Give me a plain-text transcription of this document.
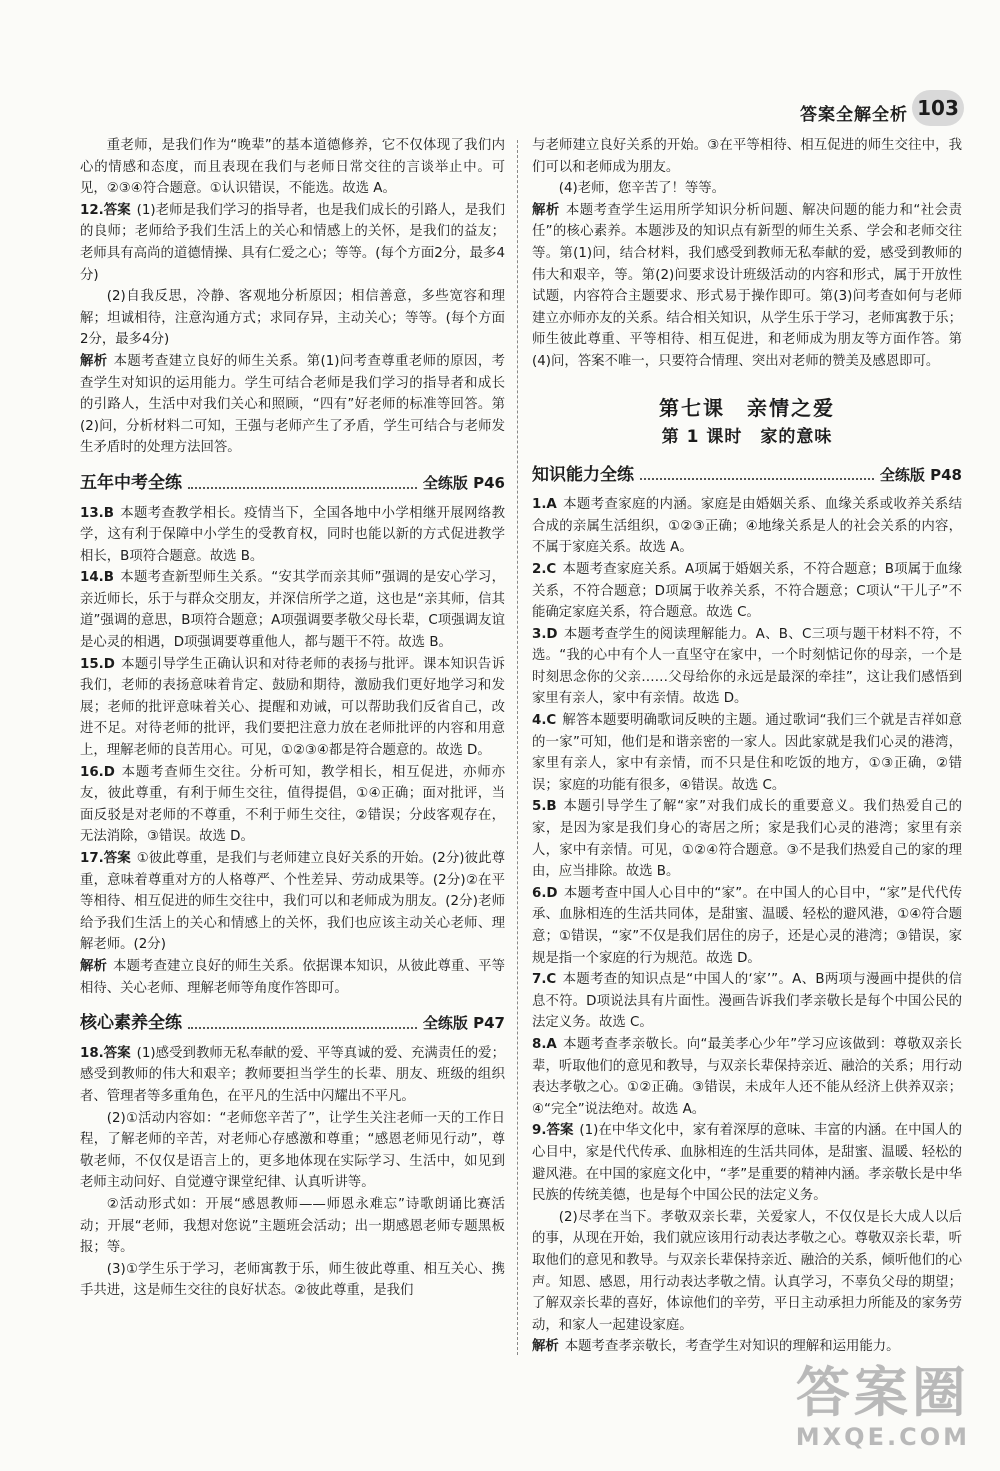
答案全解全析 103

重老师，是我们作为“晚辈”的基本道德修养，它不仅体现了我们内心的情感和态度，而且表现在我们与老师日常交往的言谈举止中。可见，②③④符合题意。①认识错误，不能选。故选 A。

12.答案 (1)老师是我们学习的指导者，也是我们成长的引路人，是我们的良师；老师给予我们生活上的关心和情感上的关怀，是我们的益友；老师具有高尚的道德情操、具有仁爱之心；等等。(每个方面2分，最多4分)

(2)自我反思，冷静、客观地分析原因；相信善意，多些宽容和理解；坦诚相待，注意沟通方式；求同存异，主动关心；等等。(每个方面2分，最多4分)

解析 本题考查建立良好的师生关系。第(1)问考查尊重老师的原因，考查学生对知识的运用能力。学生可结合老师是我们学习的指导者和成长的引路人，生活中对我们关心和照顾，“四有”好老师的标准等回答。第(2)问，分析材料二可知，王强与老师产生了矛盾，学生可结合与老师发生矛盾时的处理方法回答。

五年中考全练	全练版 P46

13.B 本题考查教学相长。疫情当下，全国各地中小学相继开展网络教学，这有利于保障中小学生的受教育权，同时也能以新的方式促进教学相长，B项符合题意。故选 B。

14.B 本题考查新型师生关系。“安其学而亲其师”强调的是安心学习，亲近师长，乐于与群众交朋友，并深信所学之道，这也是“亲其师，信其道”强调的意思，B项符合题意；A项强调要孝敬父母长辈，C项强调友谊是心灵的相遇，D项强调要尊重他人，都与题干不符。故选 B。

15.D 本题引导学生正确认识和对待老师的表扬与批评。课本知识告诉我们，老师的表扬意味着肯定、鼓励和期待，激励我们更好地学习和发展；老师的批评意味着关心、提醒和劝诫，可以帮助我们反省自己，改进不足。对待老师的批评，我们要把注意力放在老师批评的内容和用意上，理解老师的良苦用心。可见，①②③④都是符合题意的。故选 D。

16.D 本题考查师生交往。分析可知，教学相长，相互促进，亦师亦友，彼此尊重，有利于师生交往，值得提倡，①④正确；面对批评，当面反驳是对老师的不尊重，不利于师生交往，②错误；分歧客观存在，无法消除，③错误。故选 D。

17.答案 ①彼此尊重，是我们与老师建立良好关系的开始。(2分)彼此尊重，意味着尊重对方的人格尊严、个性差异、劳动成果等。(2分)②在平等相待、相互促进的师生交往中，我们可以和老师成为朋友。(2分)老师给予我们生活上的关心和情感上的关怀，我们也应该主动关心老师、理解老师。(2分)

解析 本题考查建立良好的师生关系。依据课本知识，从彼此尊重、平等相待、关心老师、理解老师等角度作答即可。

核心素养全练	全练版 P47

18.答案 (1)感受到教师无私奉献的爱、平等真诚的爱、充满责任的爱；感受到教师的伟大和艰辛；教师要担当学生的长辈、朋友、班级的组织者、管理者等多重角色，在平凡的生活中闪耀出不平凡。

(2)①活动内容如：“老师您辛苦了”，让学生关注老师一天的工作日程，了解老师的辛苦，对老师心存感激和尊重；“感恩老师见行动”，尊敬老师，不仅仅是语言上的，更多地体现在实际学习、生活中，如见到老师主动问好、自觉遵守课堂纪律、认真听讲等。

②活动形式如：开展“感恩教师——师恩永难忘”诗歌朗诵比赛活动；开展“老师，我想对您说”主题班会活动；出一期感恩老师专题黑板报；等。

(3)①学生乐于学习，老师寓教于乐，师生彼此尊重、相互关心、携手共进，这是师生交往的良好状态。②彼此尊重，是我们

与老师建立良好关系的开始。③在平等相待、相互促进的师生交往中，我们可以和老师成为朋友。

(4)老师，您辛苦了！等等。

解析 本题考查学生运用所学知识分析问题、解决问题的能力和“社会责任”的核心素养。本题涉及的知识点有新型的师生关系、学会和老师交往等。第(1)问，结合材料，我们感受到教师无私奉献的爱，感受到教师的伟大和艰辛，等。第(2)问要求设计班级活动的内容和形式，属于开放性试题，内容符合主题要求、形式易于操作即可。第(3)问考查如何与老师建立亦师亦友的关系。结合相关知识，从学生乐于学习，老师寓教于乐；师生彼此尊重、平等相待、相互促进，和老师成为朋友等方面作答。第(4)问，答案不唯一，只要符合情理、突出对老师的赞美及感恩即可。

第七课　亲情之爱
第 1 课时　家的意味
知识能力全练	全练版 P48

1.A 本题考查家庭的内涵。家庭是由婚姻关系、血缘关系或收养关系结合成的亲属生活组织，①②③正确；④地缘关系是人的社会关系的内容，不属于家庭关系。故选 A。

2.C 本题考查家庭关系。A项属于婚姻关系，不符合题意；B项属于血缘关系，不符合题意；D项属于收养关系，不符合题意；C项认“干儿子”不能确定家庭关系，符合题意。故选 C。

3.D 本题考查学生的阅读理解能力。A、B、C三项与题干材料不符，不选。“我的心中有个人一直坚守在家中，一个时刻惦记你的母亲，一个是时刻思念你的父亲……父母给你的永远是最深的牵挂”，这让我们感悟到家里有亲人，家中有亲情。故选 D。

4.C 解答本题要明确歌词反映的主题。通过歌词“我们三个就是吉祥如意的一家”可知，他们是和谐亲密的一家人。因此家就是我们心灵的港湾，家里有亲人，家中有亲情，而不只是住和吃饭的地方，①③正确，②错误；家庭的功能有很多，④错误。故选 C。

5.B 本题引导学生了解“家”对我们成长的重要意义。我们热爱自己的家，是因为家是我们身心的寄居之所；家是我们心灵的港湾；家里有亲人，家中有亲情。可见，①②④符合题意。③不是我们热爱自己的家的理由，应当排除。故选 B。

6.D 本题考查中国人心目中的“家”。在中国人的心目中，“家”是代代传承、血脉相连的生活共同体，是甜蜜、温暖、轻松的避风港，①④符合题意；①错误，“家”不仅是我们居住的房子，还是心灵的港湾；③错误，家规是指一个家庭的行为规范。故选 D。

7.C 本题考查的知识点是“中国人的‘家’”。A、B两项与漫画中提供的信息不符。D项说法具有片面性。漫画告诉我们孝亲敬长是每个中国公民的法定义务。故选 C。

8.A 本题考查孝亲敬长。向“最美孝心少年”学习应该做到：尊敬双亲长辈，听取他们的意见和教导，与双亲长辈保持亲近、融洽的关系；用行动表达孝敬之心。①②正确。③错误，未成年人还不能从经济上供养双亲；④“完全”说法绝对。故选 A。

9.答案 (1)在中华文化中，家有着深厚的意味、丰富的内涵。在中国人的心目中，家是代代传承、血脉相连的生活共同体，是甜蜜、温暖、轻松的避风港。在中国的家庭文化中，“孝”是重要的精神内涵。孝亲敬长是中华民族的传统美德，也是每个中国公民的法定义务。

(2)尽孝在当下。孝敬双亲长辈，关爱家人，不仅仅是长大成人以后的事，从现在开始，我们就应该用行动表达孝敬之心。尊敬双亲长辈，听取他们的意见和教导。与双亲长辈保持亲近、融洽的关系，倾听他们的心声。知恩、感恩，用行动表达孝敬之情。认真学习，不辜负父母的期望；了解双亲长辈的喜好，体谅他们的辛劳，平日主动承担力所能及的家务劳动，和家人一起建设家庭。

解析 本题考查孝亲敬长，考查学生对知识的理解和运用能力。

答案圈
MXQE.COM
